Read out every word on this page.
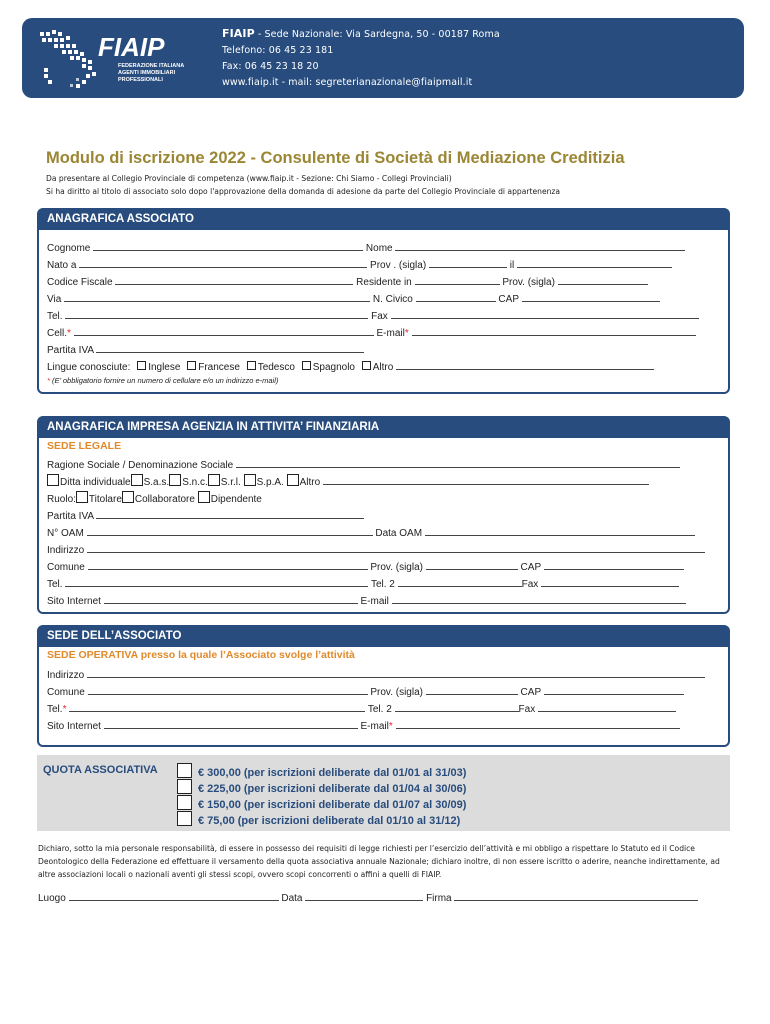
FIAIP
FEDERAZIONE ITALIANA
AGENTI IMMOBILIARI
PROFESSIONALI
FIAIP - Sede Nazionale: Via Sardegna, 50 - 00187 Roma
Telefono: 06 45 23 181
Fax: 06 45 23 18 20
www.fiaip.it - mail: segreterianazionale@fiaipmail.it
Modulo di iscrizione 2022 - Consulente di Società di Mediazione Creditizia
Da presentare al Collegio Provinciale di competenza (www.fiaip.it - Sezione: Chi Siamo - Collegi Provinciali)
Si ha diritto al titolo di associato solo dopo l'approvazione della domanda di adesione da parte del Collegio Provinciale di appartenenza
ANAGRAFICA ASSOCIATO
Cognome	Nome
Nato a	Prov . (sigla)	il
Codice Fiscale	Residente in	Prov. (sigla)
Via	N. Civico	CAP
Tel.	Fax
Cell.*	E-mail*
Partita IVA
Lingue conosciute: Inglese Francese Tedesco Spagnolo Altro
* (E’ obbligatorio fornire un numero di cellulare e/o un indirizzo e-mail)
ANAGRAFICA IMPRESA AGENZIA IN ATTIVITA’ FINANZIARIA
SEDE LEGALE
Ragione Sociale / Denominazione Sociale
Ditta individuale S.a.s. S.n.c. S.r.l. S.p.A. Altro
Ruolo: Titolare Collaboratore Dipendente
Partita IVA
N° OAM	Data OAM
Indirizzo
Comune	Prov. (sigla)	CAP
Tel.	Tel. 2	Fax
Sito Internet	E-mail
SEDE DELL’ASSOCIATO
SEDE OPERATIVA presso la quale l’Associato svolge l’attività
Indirizzo
Comune	Prov. (sigla)	CAP
Tel.*	Tel. 2	Fax
Sito Internet	E-mail*
QUOTA ASSOCIATIVA	€ 300,00 (per iscrizioni deliberate dal 01/01 al 31/03)
€ 225,00 (per iscrizioni deliberate dal 01/04 al 30/06)
€ 150,00 (per iscrizioni deliberate dal 01/07 al 30/09)
€ 75,00 (per iscrizioni deliberate dal 01/10 al 31/12)
Dichiaro, sotto la mia personale responsabilità, di essere in possesso dei requisiti di legge richiesti per l’esercizio dell’attività e mi obbligo a rispettare lo Statuto ed il Codice Deontologico della Federazione ed effettuare il versamento della quota associativa annuale Nazionale; dichiaro inoltre, di non essere iscritto o aderire, neanche indirettamente, ad altre associazioni locali o nazionali aventi gli stessi scopi, ovvero scopi concorrenti o affini a quelli di FIAIP.
Luogo	Data	Firma
